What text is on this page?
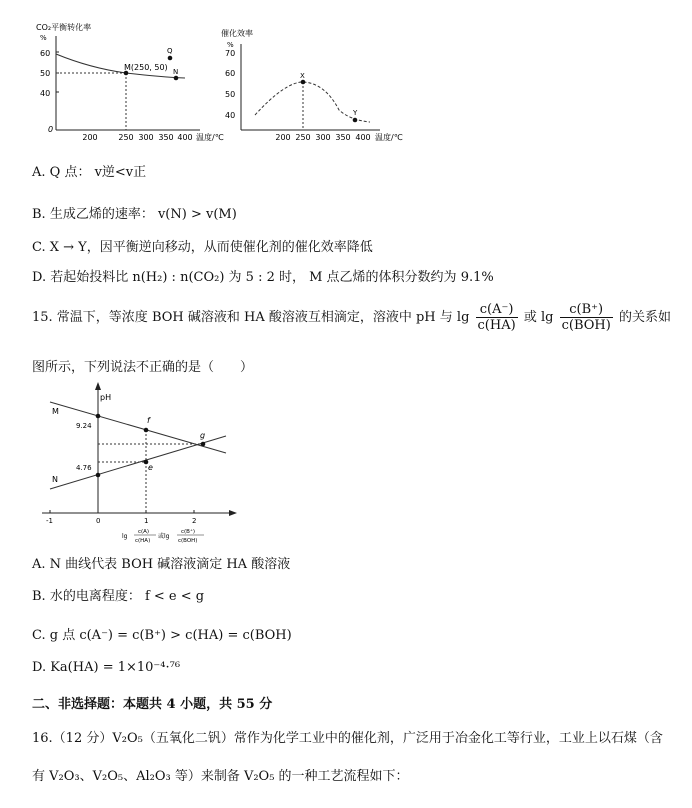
CO₂平衡转化率
%
60
50
40
0
M(250, 50)
Q
N
200	250 300 350 400 温度/℃
催化效率
%
70
60
50
40
X
Y
200 250 300 350 400 温度/℃
A. Q 点： v逆<v正
B. 生成乙烯的速率： v(N) > v(M)
C. X → Y，因平衡逆向移动，从而使催化剂的催化效率降低
D. 若起始投料比 n(H₂) : n(CO₂) 为 5 : 2 时， M 点乙烯的体积分数约为 9.1%
15. 常温下，等浓度 BOH 碱溶液和 HA 酸溶液互相滴定，溶液中 pH 与 $\lg \frac{c(A^-)}{c(HA)}$ 或 $\lg \frac{c(B^+)}{\text{c(BOH)}}$ 的关系如
图所示，下列说法不正确的是（　　）
pH
M
N
f
e
g
9.24
4.76
-1	0	1	2
lg
c(A)
c(HA)
或lg
c(B⁺)
c(BOH)
A. N 曲线代表 BOH 碱溶液滴定 HA 酸溶液
B. 水的电离程度： f < e < g
C. g 点 c(A⁻) = c(B⁺) > c(HA) = c(BOH)
D. Ka(HA) = 1×10⁻⁴·⁷⁶
二、非选择题：本题共 4 小题，共 55 分
16.（12 分）V₂O₅（五氧化二钒）常作为化学工业中的催化剂，广泛用于冶金化工等行业，工业上以石煤（含
有 V₂O₃、V₂O₅、Al₂O₃ 等）来制备 V₂O₅ 的一种工艺流程如下：
